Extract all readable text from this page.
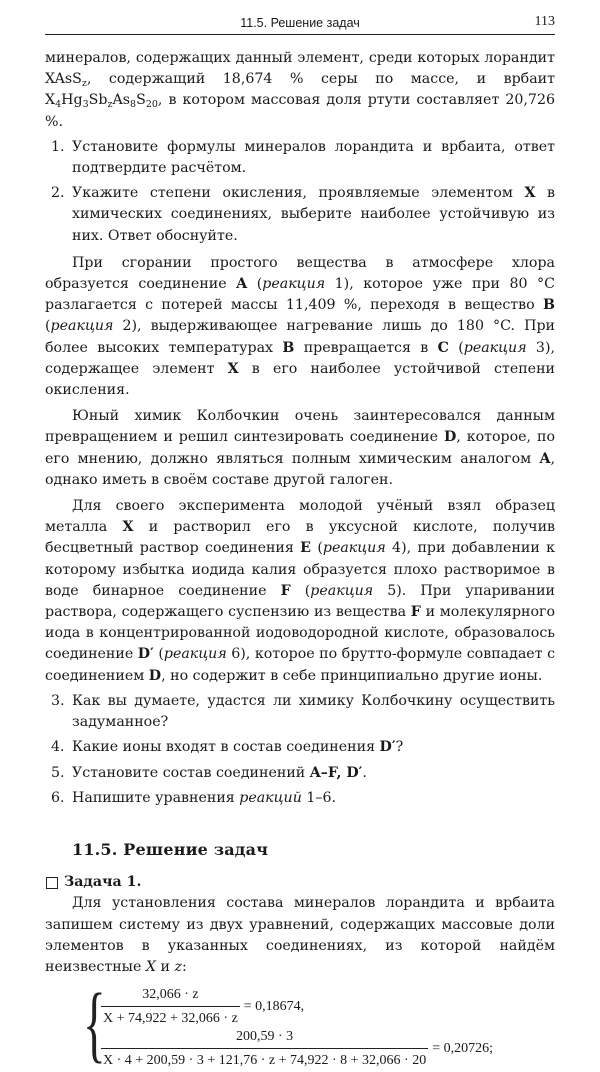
11.5. Решение задач	113

минералов, содержащих данный элемент, среди которых лорандит XAsS$_z$, содержащий 18,674 % серы по массе, и врбаит $X_4Hg_3Sb_zAs_8S_{20}$, в котором массовая доля ртути составляет 20,726 %.

1. Установите формулы минералов лорандита и врбаита, ответ подтвердите расчётом.
2. Укажите степени окисления, проявляемые элементом X в химических соединениях, выберите наиболее устойчивую из них. Ответ обоснуйте.

При сгорании простого вещества в атмосфере хлора образуется соединение A (реакция 1), которое уже при 80 °C разлагается с потерей массы 11,409 %, переходя в вещество B (реакция 2), выдерживающее нагревание лишь до 180 °C. При более высоких температурах B превращается в C (реакция 3), содержащее элемент X в его наиболее устойчивой степени окисления.

Юный химик Колбочкин очень заинтересовался данным превращением и решил синтезировать соединение D, которое, по его мнению, должно являться полным химическим аналогом A, однако иметь в своём составе другой галоген.

Для своего эксперимента молодой учёный взял образец металла X и растворил его в уксусной кислоте, получив бесцветный раствор соединения E (реакция 4), при добавлении к которому избытка иодида калия образуется плохо растворимое в воде бинарное соединение F (реакция 5). При упаривании раствора, содержащего суспензию из вещества F и молекулярного иода в концентрированной иодоводородной кислоте, образовалось соединение D′ (реакция 6), которое по брутто-формуле совпадает с соединением D, но содержит в себе принципиально другие ионы.

3. Как вы думаете, удастся ли химику Колбочкину осуществить задуманное?
4. Какие ионы входят в состав соединения D′?
5. Установите состав соединений A–F, D′.
6. Напишите уравнения реакций 1–6.
11.5. Решение задач
Задача 1.

Для установления состава минералов лорандита и врбаита запишем систему из двух уравнений, содержащих массовые доли элементов в указанных соединениях, из которой найдём неизвестные X и z:

{
$\frac{32,066 \cdot z}{X + 74,922 + 32,066 \cdot z} = 0,18674$,
$\frac{200,59 \cdot 3}{X \cdot 4 + 200,59 \cdot 3 + 121,76 \cdot z + 74,922 \cdot 8 + 32,066 \cdot 20} = 0,20726$;
